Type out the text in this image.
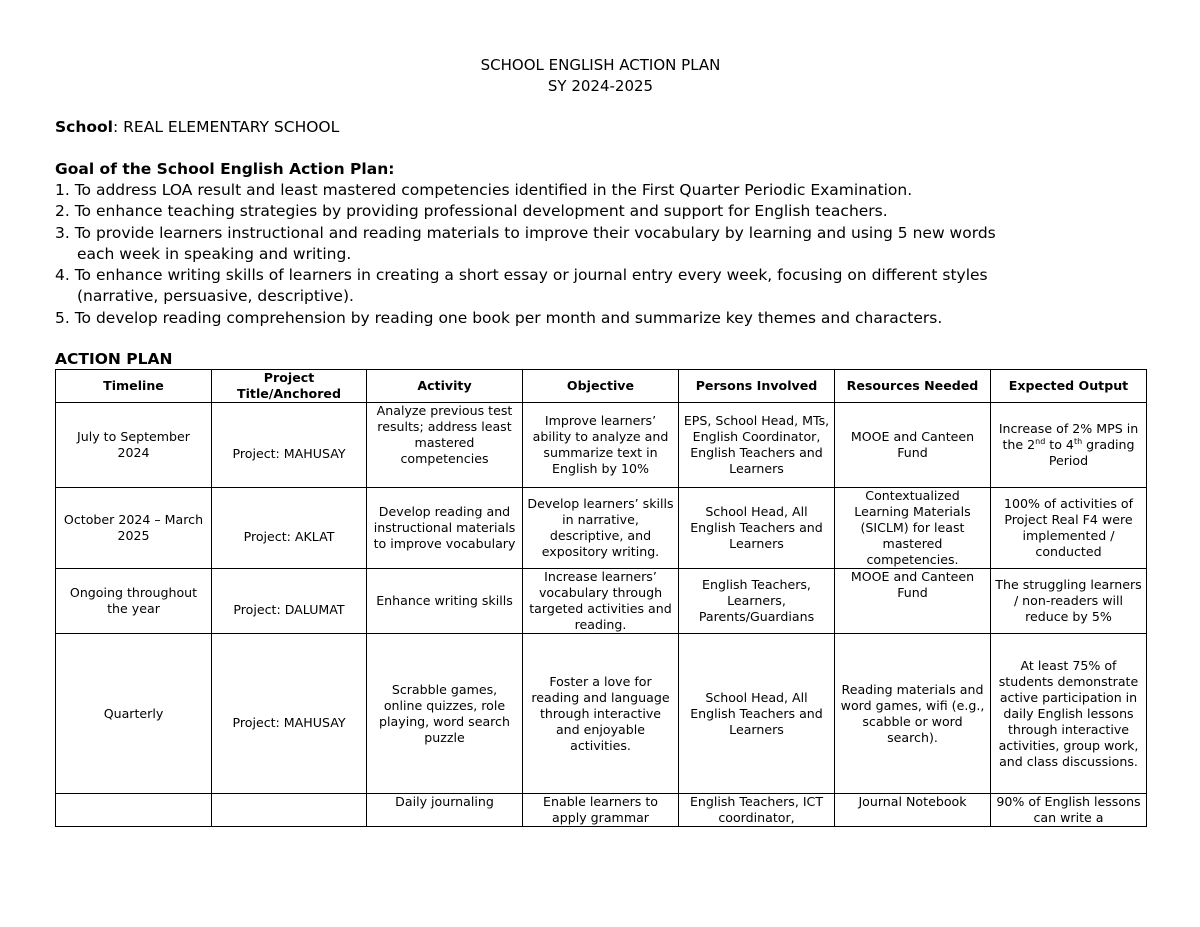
SCHOOL ENGLISH ACTION PLAN
SY 2024-2025
School: REAL ELEMENTARY SCHOOL
Goal of the School English Action Plan:
1. To address LOA result and least mastered competencies identified in the First Quarter Periodic Examination.
2. To enhance teaching strategies by providing professional development and support for English teachers.
3. To provide learners instructional and reading materials to improve their vocabulary by learning and using 5 new words
each week in speaking and writing.
4. To enhance writing skills of learners in creating a short essay or journal entry every week, focusing on different styles
(narrative, persuasive, descriptive).
5. To develop reading comprehension by reading one book per month and summarize key themes and characters.
ACTION PLAN
Timeline	Project Title/Anchored	Activity	Objective	Persons Involved	Resources Needed	Expected Output
July to September 2024	Project: MAHUSAY	Analyze previous test results; address least mastered competencies	Improve learners’ ability to analyze and summarize text in English by 10%	EPS, School Head, MTs, English Coordinator, English Teachers and Learners	MOOE and Canteen Fund	Increase of 2% MPS in the 2nd to 4th grading Period
October 2024 – March 2025	Project: AKLAT	Develop reading and instructional materials to improve vocabulary	Develop learners’ skills in narrative, descriptive, and expository writing.	School Head, All English Teachers and Learners	Contextualized Learning Materials (SICLM) for least mastered competencies.	100% of activities of Project Real F4 were implemented / conducted
Ongoing throughout the year	Project: DALUMAT	Enhance writing skills	Increase learners’ vocabulary through targeted activities and reading.	English Teachers, Learners, Parents/Guardians	MOOE and Canteen Fund	The struggling learners / non-readers will reduce by 5%
Quarterly	Project: MAHUSAY	Scrabble games, online quizzes, role playing, word search puzzle	Foster a love for reading and language through interactive and enjoyable activities.	School Head, All English Teachers and Learners	Reading materials and word games, wifi (e.g., scabble or word search).	At least 75% of students demonstrate active participation in daily English lessons through interactive activities, group work, and class discussions.
		Daily journaling	Enable learners to apply grammar	English Teachers, ICT coordinator,	Journal Notebook	90% of English lessons can write a
